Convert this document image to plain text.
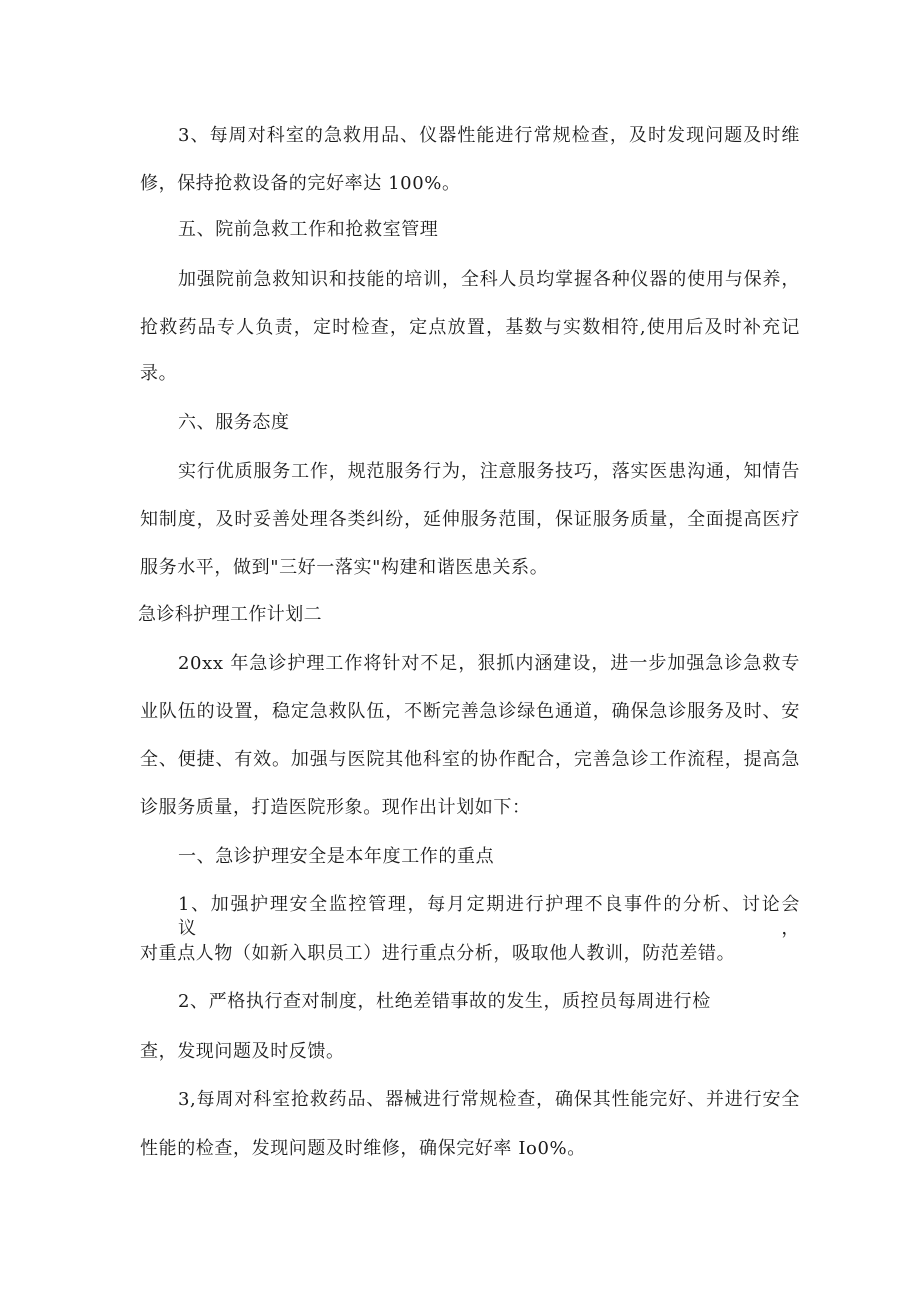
3、每周对科室的急救用品、仪器性能进行常规检查，及时发现问题及时维
修，保持抢救设备的完好率达 100%。
五、院前急救工作和抢救室管理
加强院前急救知识和技能的培训，全科人员均掌握各种仪器的使用与保养，
抢救药品专人负责，定时检查，定点放置，基数与实数相符,使用后及时补充记
录。
六、服务态度
实行优质服务工作，规范服务行为，注意服务技巧，落实医患沟通，知情告
知制度，及时妥善处理各类纠纷，延伸服务范围，保证服务质量，全面提高医疗
服务水平，做到"三好一落实"构建和谐医患关系。
急诊科护理工作计划二
20xx 年急诊护理工作将针对不足，狠抓内涵建设，进一步加强急诊急救专
业队伍的设置，稳定急救队伍，不断完善急诊绿色通道，确保急诊服务及时、安
全、便捷、有效。加强与医院其他科室的协作配合，完善急诊工作流程，提高急
诊服务质量，打造医院形象。现作出计划如下：
一、急诊护理安全是本年度工作的重点
1、加强护理安全监控管理，每月定期进行护理不良事件的分析、讨论会议，
对重点人物（如新入职员工）进行重点分析，吸取他人教训，防范差错。
2、严格执行查对制度，杜绝差错事故的发生，质控员每周进行检
查，发现问题及时反馈。
3,每周对科室抢救药品、器械进行常规检查，确保其性能完好、并进行安全
性能的检查，发现问题及时维修，确保完好率 Io0%。
